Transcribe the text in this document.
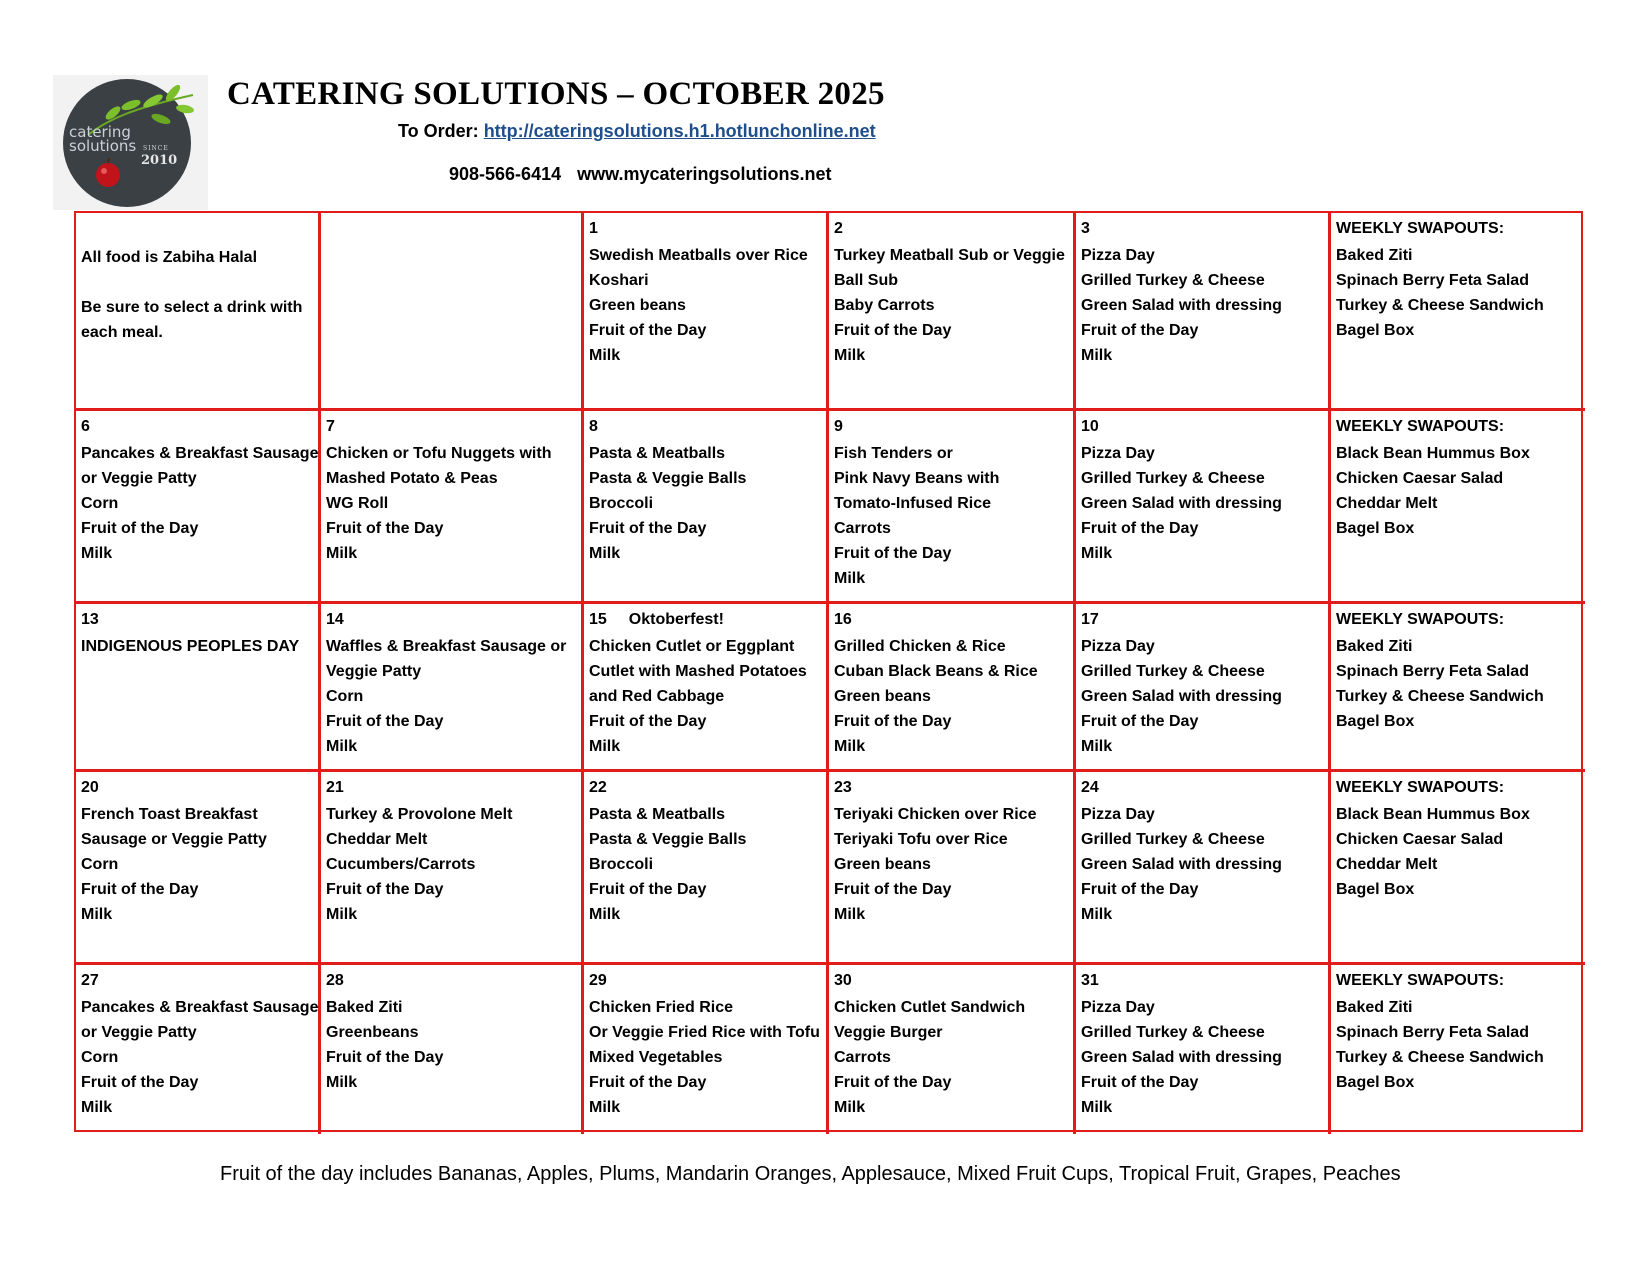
catering
solutions SINCE
2010
CATERING SOLUTIONS – OCTOBER 2025
To Order: http://cateringsolutions.h1.hotlunchonline.net
908-566-6414 www.mycateringsolutions.net

All food is Zabiha Halal

Be sure to select a drink with each meal.

1
Swedish Meatballs over Rice
Koshari
Green beans
Fruit of the Day
Milk
2
Turkey Meatball Sub or Veggie
Ball Sub
Baby Carrots
Fruit of the Day
Milk
3
Pizza Day
Grilled Turkey & Cheese
Green Salad with dressing
Fruit of the Day
Milk
WEEKLY SWAPOUTS:
Baked Ziti
Spinach Berry Feta Salad
Turkey & Cheese Sandwich
Bagel Box
6
Pancakes & Breakfast Sausage
or Veggie Patty
Corn
Fruit of the Day
Milk
7
Chicken or Tofu Nuggets with
Mashed Potato & Peas
WG Roll
Fruit of the Day
Milk
8
Pasta & Meatballs
Pasta & Veggie Balls
Broccoli
Fruit of the Day
Milk
9
Fish Tenders or
Pink Navy Beans with
Tomato-Infused Rice
Carrots
Fruit of the Day
Milk
10
Pizza Day
Grilled Turkey & Cheese
Green Salad with dressing
Fruit of the Day
Milk
WEEKLY SWAPOUTS:
Black Bean Hummus Box
Chicken Caesar Salad
Cheddar Melt
Bagel Box
13
INDIGENOUS PEOPLES DAY
14
Waffles & Breakfast Sausage or
Veggie Patty
Corn
Fruit of the Day
Milk
15 Oktoberfest!
Chicken Cutlet or Eggplant
Cutlet with Mashed Potatoes
and Red Cabbage
Fruit of the Day
Milk
16
Grilled Chicken & Rice
Cuban Black Beans & Rice
Green beans
Fruit of the Day
Milk
17
Pizza Day
Grilled Turkey & Cheese
Green Salad with dressing
Fruit of the Day
Milk
WEEKLY SWAPOUTS:
Baked Ziti
Spinach Berry Feta Salad
Turkey & Cheese Sandwich
Bagel Box
20
French Toast Breakfast
Sausage or Veggie Patty
Corn
Fruit of the Day
Milk
21
Turkey & Provolone Melt
Cheddar Melt
Cucumbers/Carrots
Fruit of the Day
Milk
22
Pasta & Meatballs
Pasta & Veggie Balls
Broccoli
Fruit of the Day
Milk
23
Teriyaki Chicken over Rice
Teriyaki Tofu over Rice
Green beans
Fruit of the Day
Milk
24
Pizza Day
Grilled Turkey & Cheese
Green Salad with dressing
Fruit of the Day
Milk
WEEKLY SWAPOUTS:
Black Bean Hummus Box
Chicken Caesar Salad
Cheddar Melt
Bagel Box
27
Pancakes & Breakfast Sausage
or Veggie Patty
Corn
Fruit of the Day
Milk
28
Baked Ziti
Greenbeans
Fruit of the Day
Milk
29
Chicken Fried Rice
Or Veggie Fried Rice with Tofu
Mixed Vegetables
Fruit of the Day
Milk
30
Chicken Cutlet Sandwich
Veggie Burger
Carrots
Fruit of the Day
Milk
31
Pizza Day
Grilled Turkey & Cheese
Green Salad with dressing
Fruit of the Day
Milk
WEEKLY SWAPOUTS:
Baked Ziti
Spinach Berry Feta Salad
Turkey & Cheese Sandwich
Bagel Box

Fruit of the day includes Bananas, Apples, Plums, Mandarin Oranges, Applesauce, Mixed Fruit Cups, Tropical Fruit, Grapes, Peaches
